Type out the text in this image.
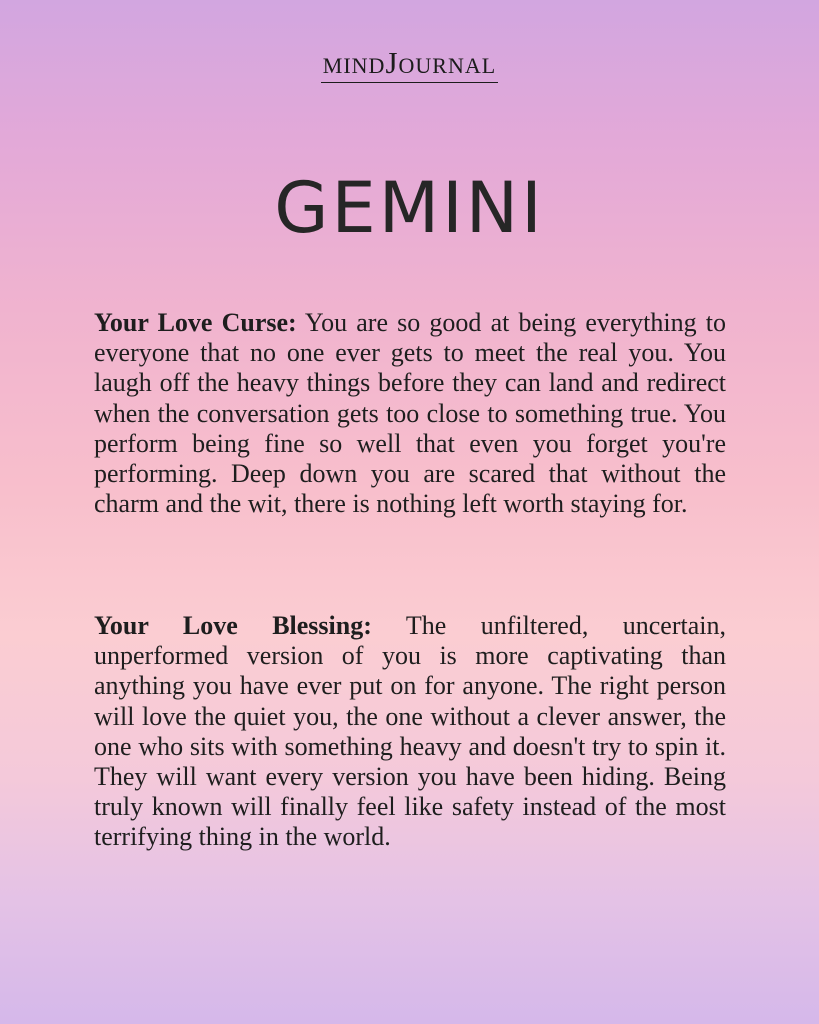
MINDJOURNAL
GEMINI

Your Love Curse: You are so good at being everything to everyone that no one ever gets to meet the real you. You laugh off the heavy things before they can land and redirect when the conversation gets too close to something true. You perform being fine so well that even you forget you're performing. Deep down you are scared that without the charm and the wit, there is nothing left worth staying for.

Your Love Blessing: The unfiltered, uncertain, unperformed version of you is more captivating than anything you have ever put on for anyone. The right person will love the quiet you, the one without a clever answer, the one who sits with something heavy and doesn't try to spin it. They will want every version you have been hiding. Being truly known will finally feel like safety instead of the most terrifying thing in the world.
